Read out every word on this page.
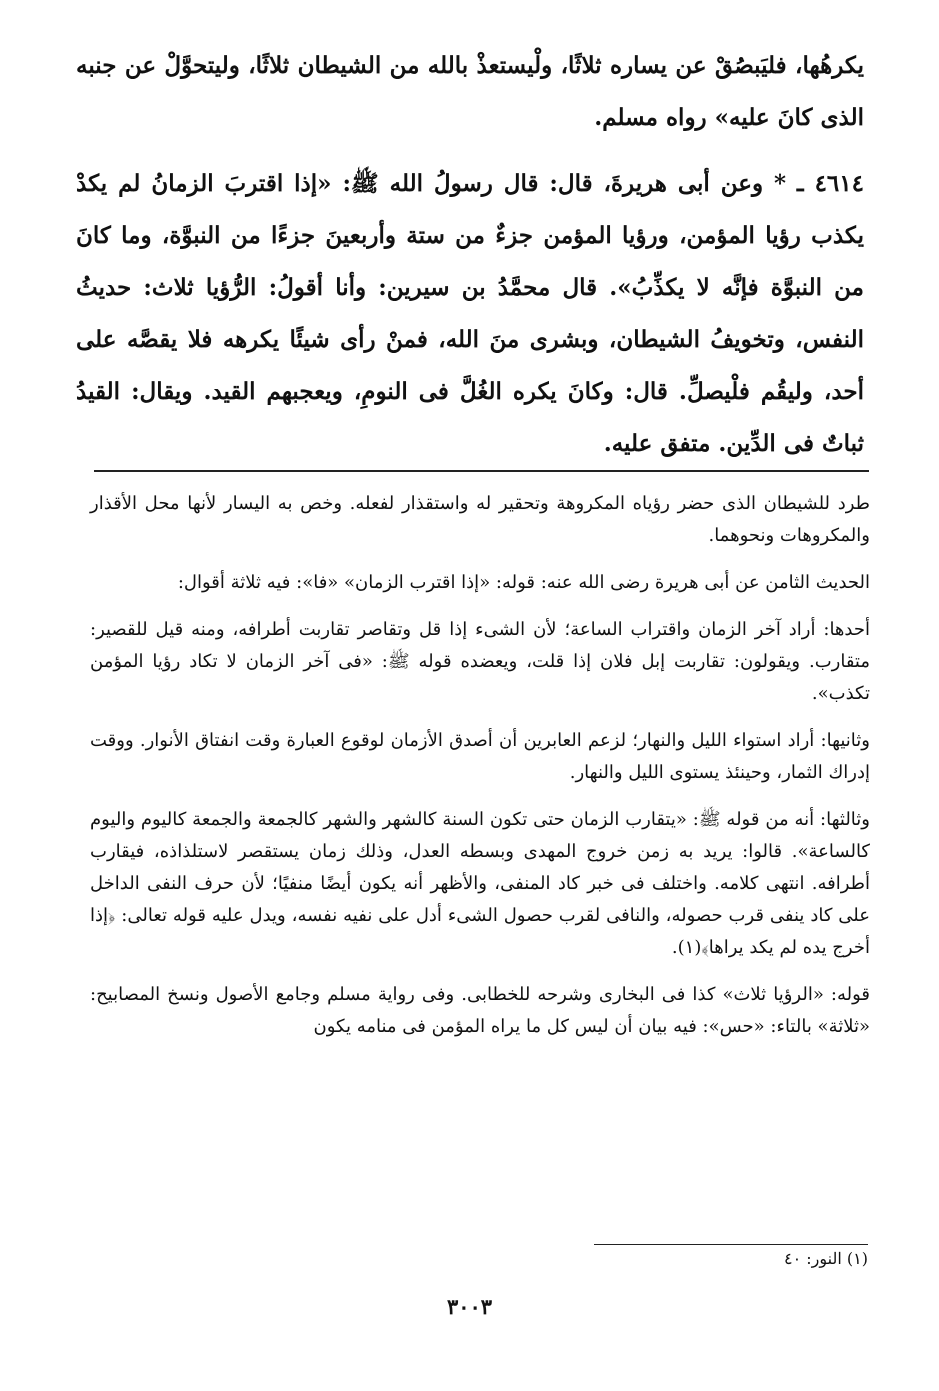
يكرهُها، فليَبصُقْ عن يساره ثلاثًا، ولْيستعذْ بالله من الشيطان ثلاثًا، وليتحوَّلْ عن جنبه الذى كانَ عليه» رواه مسلم.

٤٦١٤ ـ * وعن أبى هريرةَ، قال: قال رسولُ الله ﷺ: «إذا اقتربَ الزمانُ لم يكدْ يكذب رؤيا المؤمن، ورؤيا المؤمن جزءٌ من ستة وأربعينَ جزءًا من النبوَّة، وما كانَ من النبوَّة فإنَّه لا يكذِّبُ». قال محمَّدُ بن سيرين: وأنا أقولُ: الرُّؤيا ثلاث: حديثُ النفس، وتخويفُ الشيطان، وبشرى منَ الله، فمنْ رأى شيئًا يكرهه فلا يقصَّه على أحد، وليقُم فلْيصلِّ. قال: وكانَ يكره الغُلَّ فى النومِ، ويعجبهم القيد. ويقال: القيدُ ثباتٌ فى الدِّين. متفق عليه.

طرد للشيطان الذى حضر رؤياه المكروهة وتحقير له واستقذار لفعله. وخص به اليسار لأنها محل الأقذار والمكروهات ونحوهما.

الحديث الثامن عن أبى هريرة رضى الله عنه: قوله: «إذا اقترب الزمان» «فا»: فيه ثلاثة أقوال:

أحدها: أراد آخر الزمان واقتراب الساعة؛ لأن الشىء إذا قل وتقاصر تقاربت أطرافه، ومنه قيل للقصير: متقارب. ويقولون: تقاربت إبل فلان إذا قلت، ويعضده قوله ﷺ: «فى آخر الزمان لا تكاد رؤيا المؤمن تكذب».

وثانيها: أراد استواء الليل والنهار؛ لزعم العابرين أن أصدق الأزمان لوقوع العبارة وقت انفتاق الأنوار. ووقت إدراك الثمار، وحينئذ يستوى الليل والنهار.

وثالثها: أنه من قوله ﷺ: «يتقارب الزمان حتى تكون السنة كالشهر والشهر كالجمعة والجمعة كاليوم واليوم كالساعة». قالوا: يريد به زمن خروج المهدى وبسطه العدل، وذلك زمان يستقصر لاستلذاذه، فيقارب أطرافه. انتهى كلامه. واختلف فى خبر كاد المنفى، والأظهر أنه يكون أيضًا منفيًا؛ لأن حرف النفى الداخل على كاد ينفى قرب حصوله، والنافى لقرب حصول الشىء أدل على نفيه نفسه، ويدل عليه قوله تعالى: ﴿إذا أخرج يده لم يكد يراها﴾(١).

قوله: «الرؤيا ثلاث» كذا فى البخارى وشرحه للخطابى. وفى رواية مسلم وجامع الأصول ونسخ المصابيح: «ثلاثة» بالتاء: «حس»: فيه بيان أن ليس كل ما يراه المؤمن فى منامه يكون

(١) النور: ٤٠
٣٠٠٣
